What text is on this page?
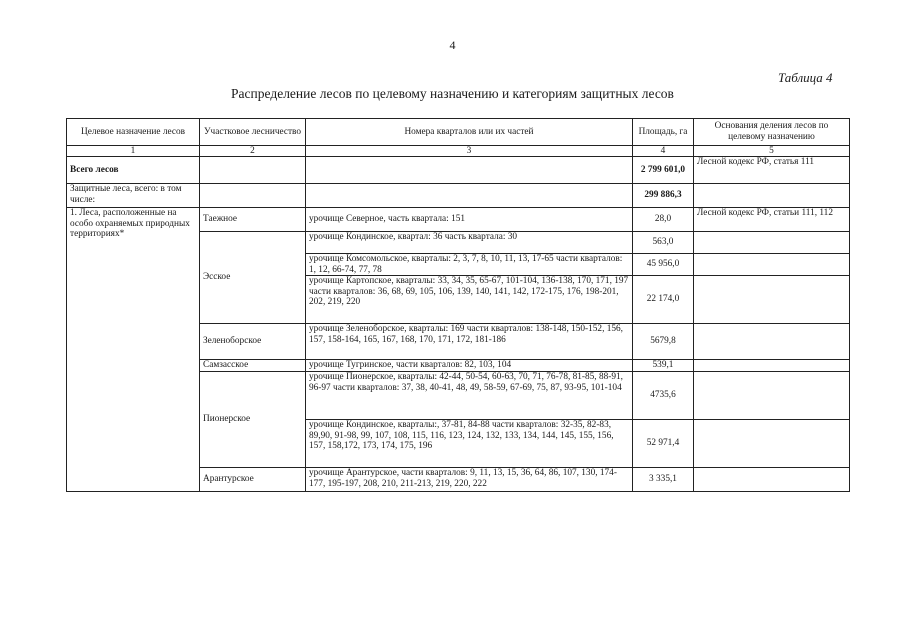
4
Таблица 4
Распределение лесов по целевому назначению и категориям защитных лесов
Целевое назначение лесов	Участковое лесничество	Номера кварталов или их частей	Площадь, га	Основания деления лесов по целевому назначению
1	2	3	4	5
Всего лесов			2 799 601,0	Лесной кодекс РФ, статья 111
Защитные леса, всего: в том числе:			299 886,3	
1. Леса, расположенные на особо охраняемых природных территориях*	Таежное	урочище Северное, часть квартала: 151	28,0	Лесной кодекс РФ, статьи 111, 112
	Эсское	урочище Кондинское, квартал: 36 часть квартала: 30	563,0	
		урочище Комсомольское, кварталы: 2, 3, 7, 8, 10, 11, 13, 17-65 части кварталов: 1, 12, 66-74, 77, 78	45 956,0	
		урочище Картопское, кварталы: 33, 34, 35, 65-67, 101-104, 136-138, 170, 171, 197 части кварталов: 36, 68, 69, 105, 106, 139, 140, 141, 142, 172-175, 176, 198-201, 202, 219, 220	22 174,0	
	Зеленоборское	урочище Зеленоборское, кварталы: 169 части кварталов: 138-148, 150-152, 156, 157, 158-164, 165, 167, 168, 170, 171, 172, 181-186	5679,8	
	Самзасское	урочище Тугринское, части кварталов: 82, 103, 104	539,1	
	Пионерское	урочище Пионерское, кварталы: 42-44, 50-54, 60-63, 70, 71, 76-78, 81-85, 88-91, 96-97 части кварталов: 37, 38, 40-41, 48, 49, 58-59, 67-69, 75, 87, 93-95, 101-104	4735,6	
		урочище Кондинское, кварталы:, 37-81, 84-88 части кварталов: 32-35, 82-83, 89,90, 91-98, 99, 107, 108, 115, 116, 123, 124, 132, 133, 134, 144, 145, 155, 156, 157, 158,172, 173, 174, 175, 196	52 971,4	
	Арантурское	урочище Арантурское, части кварталов: 9, 11, 13, 15, 36, 64, 86, 107, 130, 174-177, 195-197, 208, 210, 211-213, 219, 220, 222	3 335,1	
